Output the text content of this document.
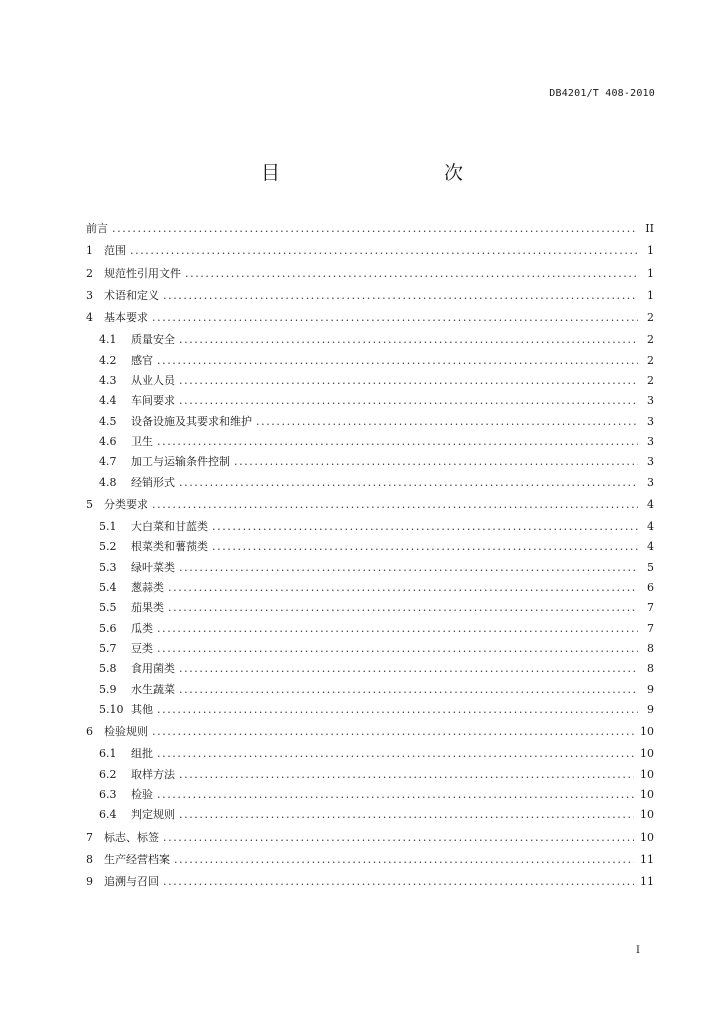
DB4201/T 408-2010
目　　次
前言 .....	II
1 范围 .....	1
2 规范性引用文件 .....	1
3 术语和定义 .....	1
4 基本要求 .....	2
4.1 质量安全 .....	2
4.2 感官 .....	2
4.3 从业人员 .....	2
4.4 车间要求 .....	3
4.5 设备设施及其要求和维护 .....	3
4.6 卫生 .....	3
4.7 加工与运输条件控制 .....	3
4.8 经销形式 .....	3
5 分类要求 .....	4
5.1 大白菜和甘蓝类 .....	4
5.2 根菜类和薯蓣类 .....	4
5.3 绿叶菜类 .....	5
5.4 葱蒜类 .....	6
5.5 茄果类 .....	7
5.6 瓜类 .....	7
5.7 豆类 .....	8
5.8 食用菌类 .....	8
5.9 水生蔬菜 .....	9
5.10 其他 .....	9
6 检验规则 .....	10
6.1 组批 .....	10
6.2 取样方法 .....	10
6.3 检验 .....	10
6.4 判定规则 .....	10
7 标志、标签 .....	10
8 生产经营档案 .....	11
9 追溯与召回 .....	11
I
